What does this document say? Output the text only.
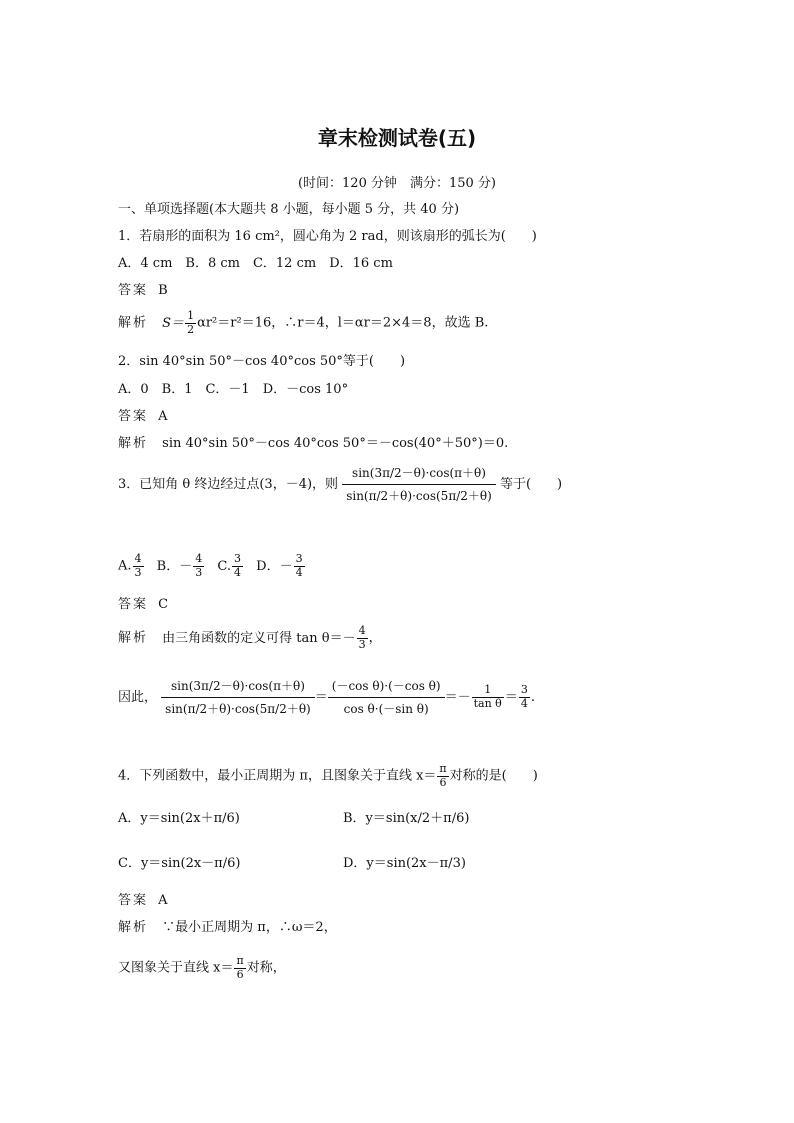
章末检测试卷(五)
(时间：120 分钟　满分：150 分)
一、单项选择题(本大题共 8 小题，每小题 5 分，共 40 分)
1．若扇形的面积为 16 cm²，圆心角为 2 rad，则该扇形的弧长为(　　)
A．4 cm　B．8 cm　C．12 cm　D．16 cm
答案 B
解析 $S= \frac{1}{2} \alpha r^2=r^2=16$，∴r＝4，l＝αr＝2×4＝8，故选 B.
2．sin 40°sin 50°－cos 40°cos 50°等于(　　)
A．0　B．1　C．－1　D．－cos 10°
答案 A
解析 sin 40°sin 50°－cos 40°cos 50°＝－cos(40°＋50°)＝0.
3．已知角 θ 终边经过点(3，－4)，则 $\frac{\sin(3\pi/2-\theta)\cdot\cos(\pi+\theta)}{\sin(\pi/2+\theta)\cdot\cos(5\pi/2+\theta)}$ 等于(　　)
A. $\frac{4}{3}$ B．－ $\frac{4}{3} C$. $\frac{3}{4}$ D．－ $\frac{3}{4}$
答案 C
解析 由三角函数的定义可得 $\tan \theta=- \frac{4}{3}$ ，
因此， $\frac{\sin(3\pi/2-\theta)\cdot\cos(\pi+\theta)}{\sin(\pi/2+\theta)\cdot\cos(5\pi/2+\theta)} = \frac{\text{(－cos θ)·(－cos θ)}}{\text{cos θ·(－sin θ)}} =- \frac{1}{\text{tan θ}} = \frac{3}{4}$ .
4．下列函数中，最小正周期为 π，且图象关于直线 $x= \frac{\pi}{6}$ 对称的是(　　)
A．y＝sin(2x＋π/6)	B．y＝sin(x/2＋π/6)
C．y＝sin(2x－π/6)	D．y＝sin(2x－π/3)
答案 A
解析 ∵最小正周期为 π，∴ω＝2，
又图象关于直线 $x= \frac{\pi}{6}$ 对称，
